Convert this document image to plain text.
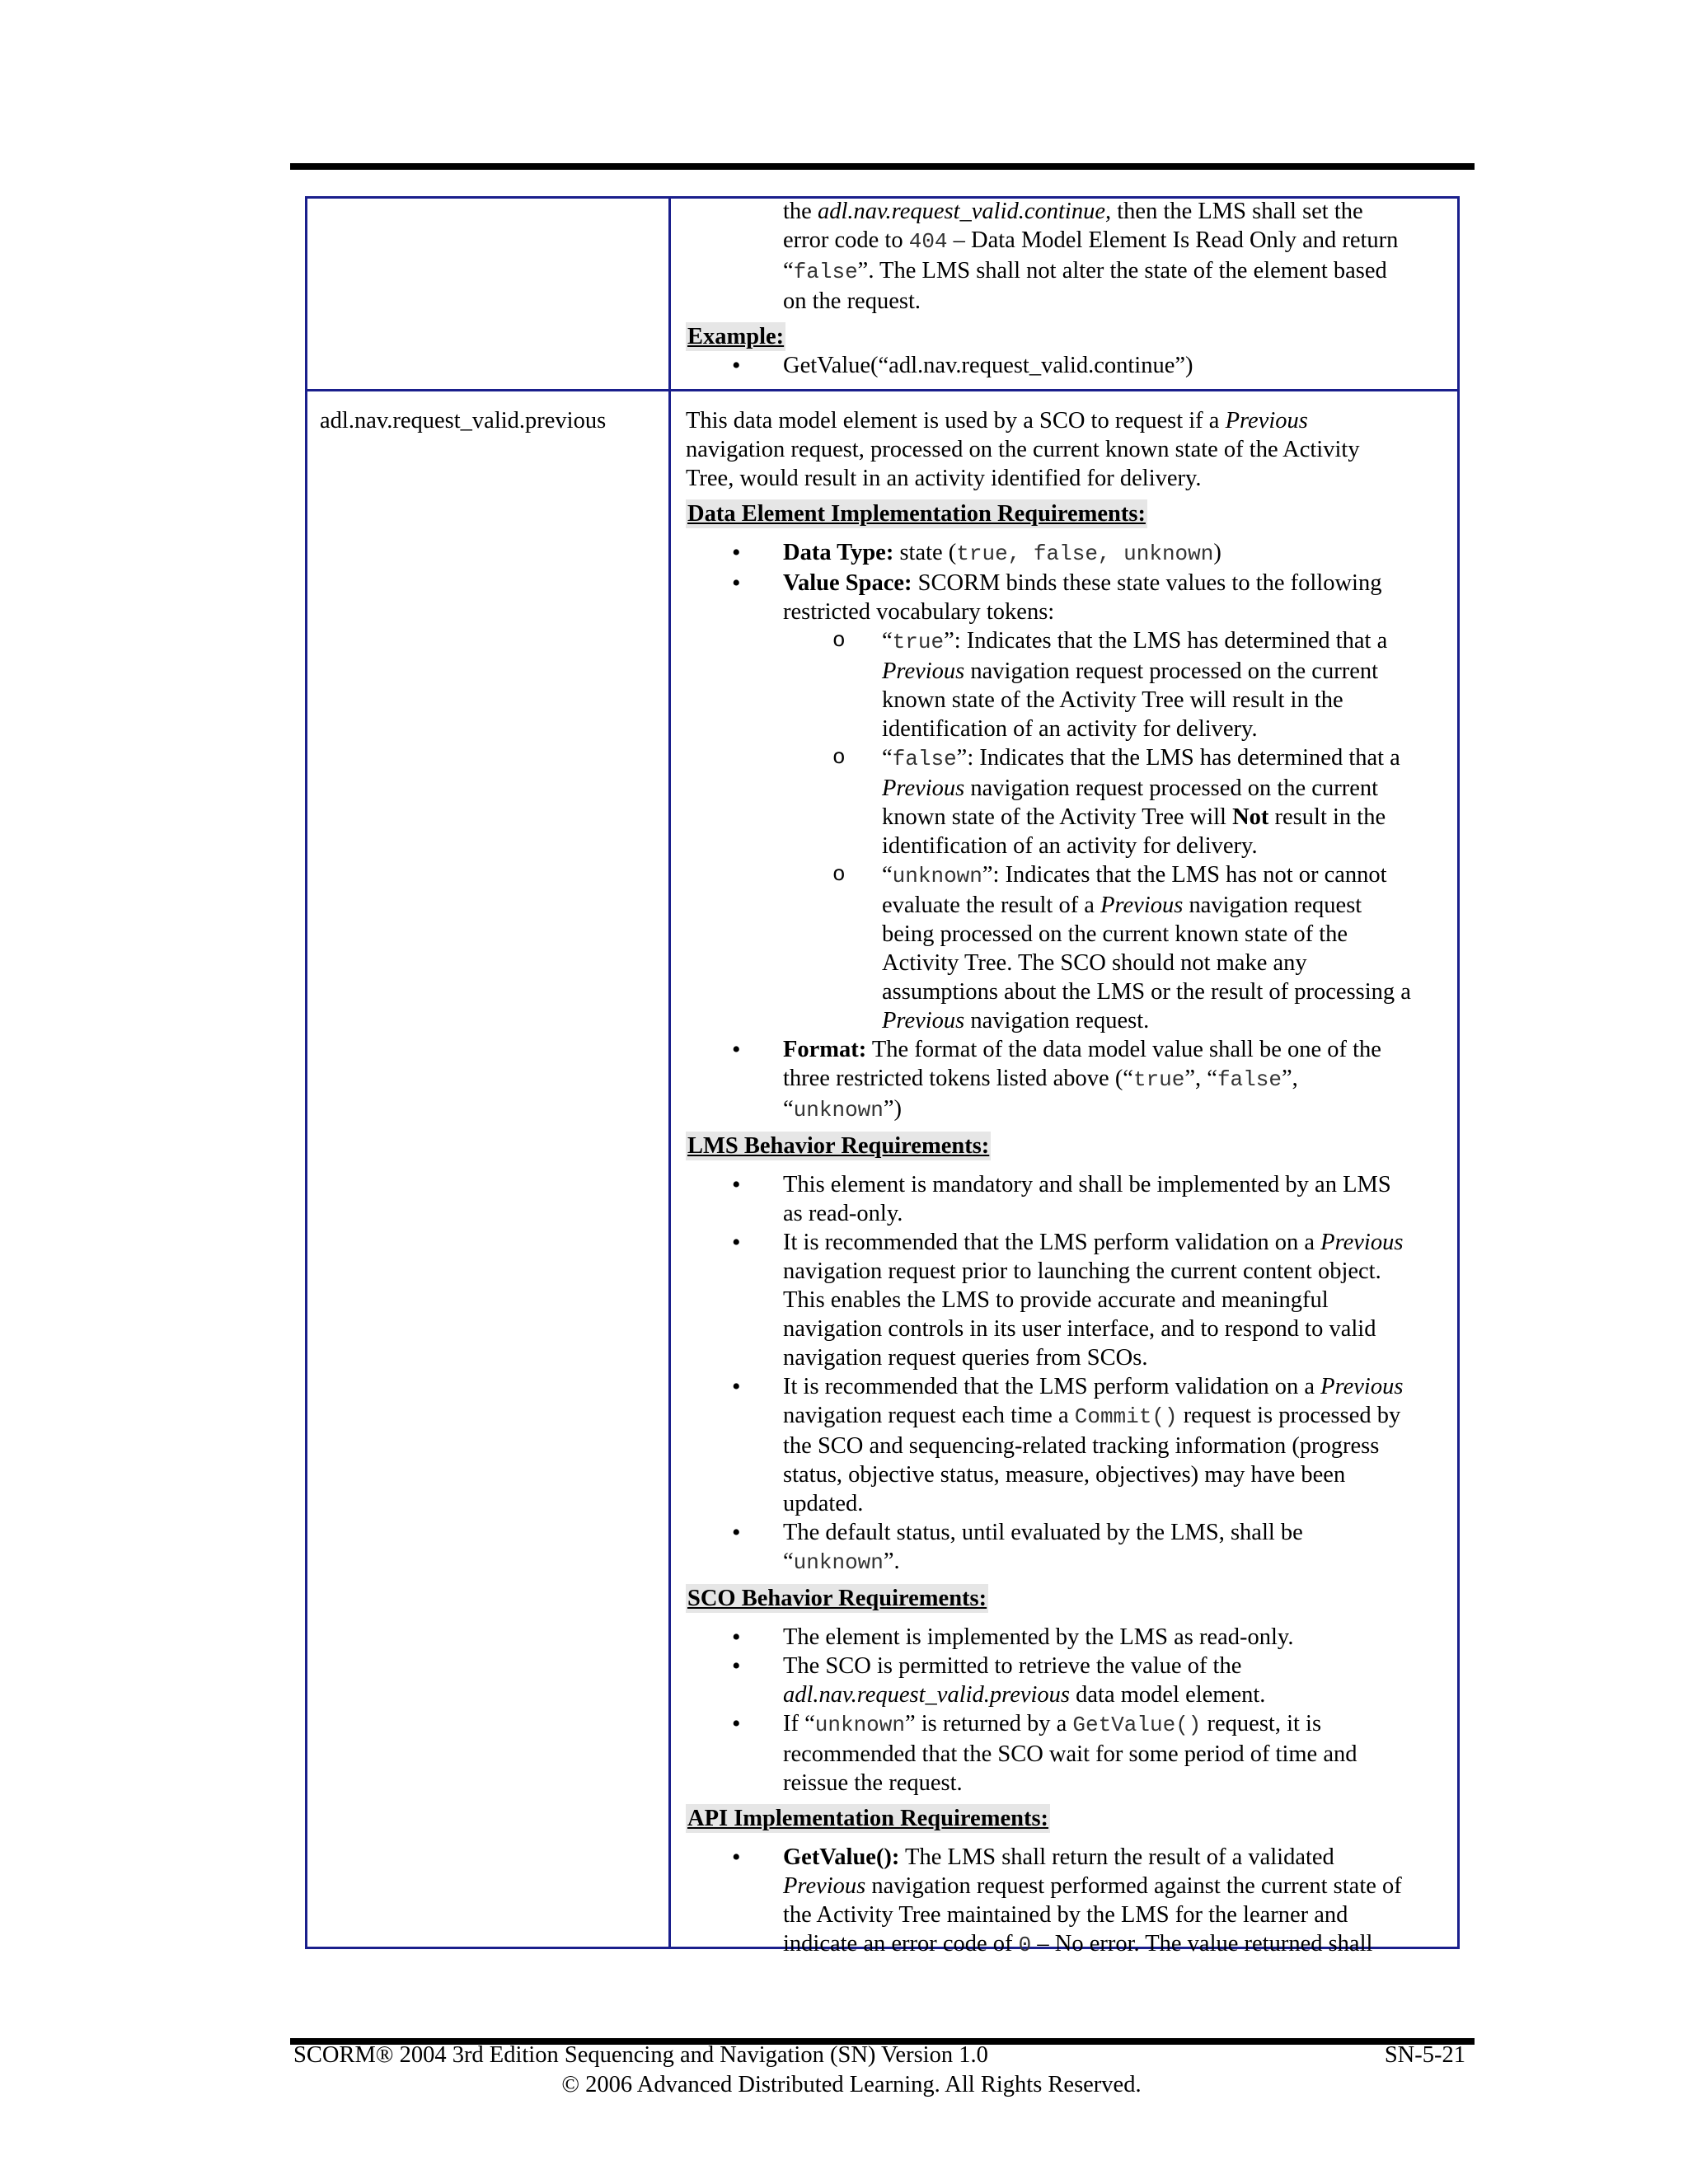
the adl.nav.request_valid.continue, then the LMS shall set the
error code to 404 – Data Model Element Is Read Only and return
“false”. The LMS shall not alter the state of the element based
on the request.
Example:
• GetValue(“adl.nav.request_valid.continue”)
adl.nav.request_valid.previous	This data model element is used by a SCO to request if a Previous
navigation request, processed on the current known state of the Activity
Tree, would result in an activity identified for delivery.
Data Element Implementation Requirements:
• Data Type: state (true, false, unknown)
• Value Space: SCORM binds these state values to the following
restricted vocabulary tokens:
o “true”: Indicates that the LMS has determined that a
Previous navigation request processed on the current
known state of the Activity Tree will result in the
identification of an activity for delivery.
o “false”: Indicates that the LMS has determined that a
Previous navigation request processed on the current
known state of the Activity Tree will Not result in the
identification of an activity for delivery.
o “unknown”: Indicates that the LMS has not or cannot
evaluate the result of a Previous navigation request
being processed on the current known state of the
Activity Tree. The SCO should not make any
assumptions about the LMS or the result of processing a
Previous navigation request.
• Format: The format of the data model value shall be one of the
three restricted tokens listed above (“true”, “false”,
“unknown”)
LMS Behavior Requirements:
• This element is mandatory and shall be implemented by an LMS
as read-only.
• It is recommended that the LMS perform validation on a Previous
navigation request prior to launching the current content object.
This enables the LMS to provide accurate and meaningful
navigation controls in its user interface, and to respond to valid
navigation request queries from SCOs.
• It is recommended that the LMS perform validation on a Previous
navigation request each time a Commit() request is processed by
the SCO and sequencing-related tracking information (progress
status, objective status, measure, objectives) may have been
updated.
• The default status, until evaluated by the LMS, shall be
“unknown”.
SCO Behavior Requirements:
• The element is implemented by the LMS as read-only.
• The SCO is permitted to retrieve the value of the
adl.nav.request_valid.previous data model element.
• If “unknown” is returned by a GetValue() request, it is
recommended that the SCO wait for some period of time and
reissue the request.
API Implementation Requirements:
• GetValue(): The LMS shall return the result of a validated
Previous navigation request performed against the current state of
the Activity Tree maintained by the LMS for the learner and
indicate an error code of 0 – No error. The value returned shall
SCORM® 2004 3rd Edition Sequencing and Navigation (SN) Version 1.0	SN-5-21
© 2006 Advanced Distributed Learning. All Rights Reserved.
